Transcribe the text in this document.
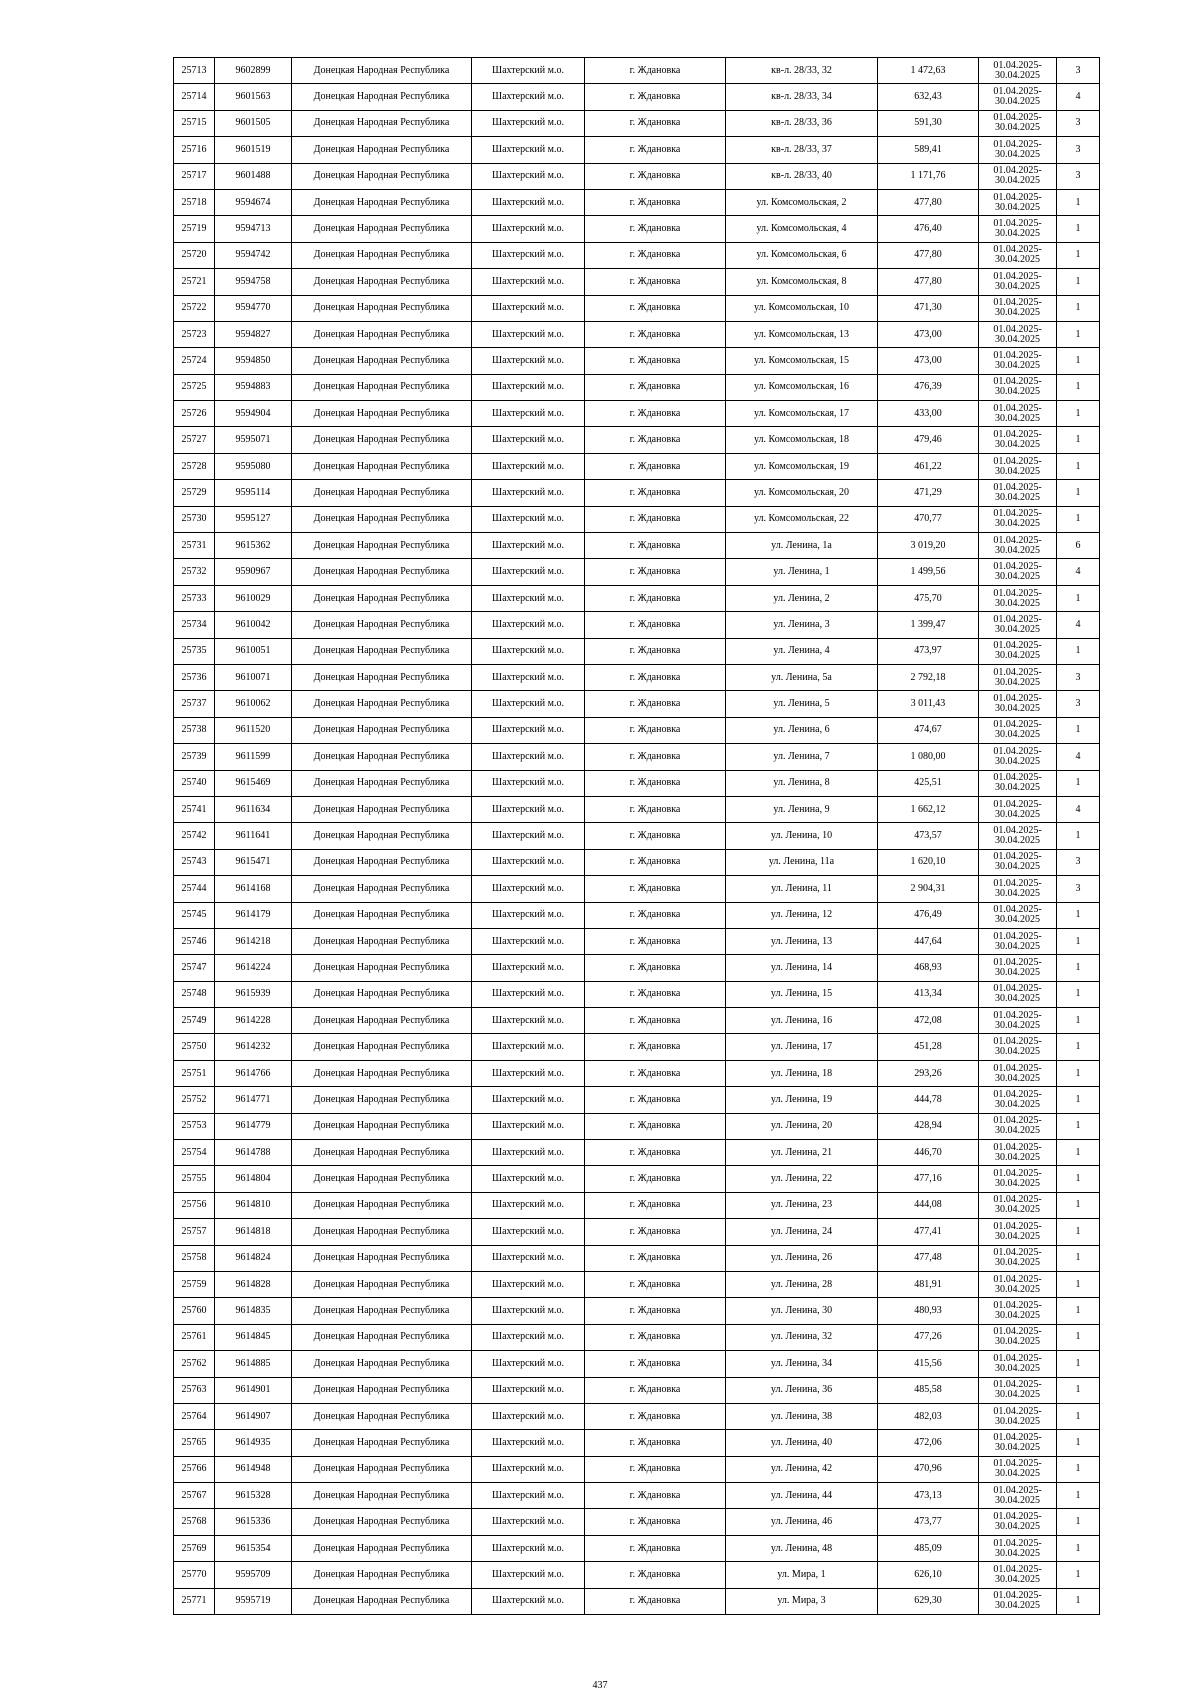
25713	9602899	Донецкая Народная Республика	Шахтерский м.о.	г. Ждановка	кв-л. 28/33, 32	1 472,63	01.04.2025-30.04.2025	3
25714	9601563	Донецкая Народная Республика	Шахтерский м.о.	г. Ждановка	кв-л. 28/33, 34	632,43	01.04.2025-30.04.2025	4
25715	9601505	Донецкая Народная Республика	Шахтерский м.о.	г. Ждановка	кв-л. 28/33, 36	591,30	01.04.2025-30.04.2025	3
25716	9601519	Донецкая Народная Республика	Шахтерский м.о.	г. Ждановка	кв-л. 28/33, 37	589,41	01.04.2025-30.04.2025	3
25717	9601488	Донецкая Народная Республика	Шахтерский м.о.	г. Ждановка	кв-л. 28/33, 40	1 171,76	01.04.2025-30.04.2025	3
25718	9594674	Донецкая Народная Республика	Шахтерский м.о.	г. Ждановка	ул. Комсомольская, 2	477,80	01.04.2025-30.04.2025	1
25719	9594713	Донецкая Народная Республика	Шахтерский м.о.	г. Ждановка	ул. Комсомольская, 4	476,40	01.04.2025-30.04.2025	1
25720	9594742	Донецкая Народная Республика	Шахтерский м.о.	г. Ждановка	ул. Комсомольская, 6	477,80	01.04.2025-30.04.2025	1
25721	9594758	Донецкая Народная Республика	Шахтерский м.о.	г. Ждановка	ул. Комсомольская, 8	477,80	01.04.2025-30.04.2025	1
25722	9594770	Донецкая Народная Республика	Шахтерский м.о.	г. Ждановка	ул. Комсомольская, 10	471,30	01.04.2025-30.04.2025	1
25723	9594827	Донецкая Народная Республика	Шахтерский м.о.	г. Ждановка	ул. Комсомольская, 13	473,00	01.04.2025-30.04.2025	1
25724	9594850	Донецкая Народная Республика	Шахтерский м.о.	г. Ждановка	ул. Комсомольская, 15	473,00	01.04.2025-30.04.2025	1
25725	9594883	Донецкая Народная Республика	Шахтерский м.о.	г. Ждановка	ул. Комсомольская, 16	476,39	01.04.2025-30.04.2025	1
25726	9594904	Донецкая Народная Республика	Шахтерский м.о.	г. Ждановка	ул. Комсомольская, 17	433,00	01.04.2025-30.04.2025	1
25727	9595071	Донецкая Народная Республика	Шахтерский м.о.	г. Ждановка	ул. Комсомольская, 18	479,46	01.04.2025-30.04.2025	1
25728	9595080	Донецкая Народная Республика	Шахтерский м.о.	г. Ждановка	ул. Комсомольская, 19	461,22	01.04.2025-30.04.2025	1
25729	9595114	Донецкая Народная Республика	Шахтерский м.о.	г. Ждановка	ул. Комсомольская, 20	471,29	01.04.2025-30.04.2025	1
25730	9595127	Донецкая Народная Республика	Шахтерский м.о.	г. Ждановка	ул. Комсомольская, 22	470,77	01.04.2025-30.04.2025	1
25731	9615362	Донецкая Народная Республика	Шахтерский м.о.	г. Ждановка	ул. Ленина, 1а	3 019,20	01.04.2025-30.04.2025	6
25732	9590967	Донецкая Народная Республика	Шахтерский м.о.	г. Ждановка	ул. Ленина, 1	1 499,56	01.04.2025-30.04.2025	4
25733	9610029	Донецкая Народная Республика	Шахтерский м.о.	г. Ждановка	ул. Ленина, 2	475,70	01.04.2025-30.04.2025	1
25734	9610042	Донецкая Народная Республика	Шахтерский м.о.	г. Ждановка	ул. Ленина, 3	1 399,47	01.04.2025-30.04.2025	4
25735	9610051	Донецкая Народная Республика	Шахтерский м.о.	г. Ждановка	ул. Ленина, 4	473,97	01.04.2025-30.04.2025	1
25736	9610071	Донецкая Народная Республика	Шахтерский м.о.	г. Ждановка	ул. Ленина, 5а	2 792,18	01.04.2025-30.04.2025	3
25737	9610062	Донецкая Народная Республика	Шахтерский м.о.	г. Ждановка	ул. Ленина, 5	3 011,43	01.04.2025-30.04.2025	3
25738	9611520	Донецкая Народная Республика	Шахтерский м.о.	г. Ждановка	ул. Ленина, 6	474,67	01.04.2025-30.04.2025	1
25739	9611599	Донецкая Народная Республика	Шахтерский м.о.	г. Ждановка	ул. Ленина, 7	1 080,00	01.04.2025-30.04.2025	4
25740	9615469	Донецкая Народная Республика	Шахтерский м.о.	г. Ждановка	ул. Ленина, 8	425,51	01.04.2025-30.04.2025	1
25741	9611634	Донецкая Народная Республика	Шахтерский м.о.	г. Ждановка	ул. Ленина, 9	1 662,12	01.04.2025-30.04.2025	4
25742	9611641	Донецкая Народная Республика	Шахтерский м.о.	г. Ждановка	ул. Ленина, 10	473,57	01.04.2025-30.04.2025	1
25743	9615471	Донецкая Народная Республика	Шахтерский м.о.	г. Ждановка	ул. Ленина, 11а	1 620,10	01.04.2025-30.04.2025	3
25744	9614168	Донецкая Народная Республика	Шахтерский м.о.	г. Ждановка	ул. Ленина, 11	2 904,31	01.04.2025-30.04.2025	3
25745	9614179	Донецкая Народная Республика	Шахтерский м.о.	г. Ждановка	ул. Ленина, 12	476,49	01.04.2025-30.04.2025	1
25746	9614218	Донецкая Народная Республика	Шахтерский м.о.	г. Ждановка	ул. Ленина, 13	447,64	01.04.2025-30.04.2025	1
25747	9614224	Донецкая Народная Республика	Шахтерский м.о.	г. Ждановка	ул. Ленина, 14	468,93	01.04.2025-30.04.2025	1
25748	9615939	Донецкая Народная Республика	Шахтерский м.о.	г. Ждановка	ул. Ленина, 15	413,34	01.04.2025-30.04.2025	1
25749	9614228	Донецкая Народная Республика	Шахтерский м.о.	г. Ждановка	ул. Ленина, 16	472,08	01.04.2025-30.04.2025	1
25750	9614232	Донецкая Народная Республика	Шахтерский м.о.	г. Ждановка	ул. Ленина, 17	451,28	01.04.2025-30.04.2025	1
25751	9614766	Донецкая Народная Республика	Шахтерский м.о.	г. Ждановка	ул. Ленина, 18	293,26	01.04.2025-30.04.2025	1
25752	9614771	Донецкая Народная Республика	Шахтерский м.о.	г. Ждановка	ул. Ленина, 19	444,78	01.04.2025-30.04.2025	1
25753	9614779	Донецкая Народная Республика	Шахтерский м.о.	г. Ждановка	ул. Ленина, 20	428,94	01.04.2025-30.04.2025	1
25754	9614788	Донецкая Народная Республика	Шахтерский м.о.	г. Ждановка	ул. Ленина, 21	446,70	01.04.2025-30.04.2025	1
25755	9614804	Донецкая Народная Республика	Шахтерский м.о.	г. Ждановка	ул. Ленина, 22	477,16	01.04.2025-30.04.2025	1
25756	9614810	Донецкая Народная Республика	Шахтерский м.о.	г. Ждановка	ул. Ленина, 23	444,08	01.04.2025-30.04.2025	1
25757	9614818	Донецкая Народная Республика	Шахтерский м.о.	г. Ждановка	ул. Ленина, 24	477,41	01.04.2025-30.04.2025	1
25758	9614824	Донецкая Народная Республика	Шахтерский м.о.	г. Ждановка	ул. Ленина, 26	477,48	01.04.2025-30.04.2025	1
25759	9614828	Донецкая Народная Республика	Шахтерский м.о.	г. Ждановка	ул. Ленина, 28	481,91	01.04.2025-30.04.2025	1
25760	9614835	Донецкая Народная Республика	Шахтерский м.о.	г. Ждановка	ул. Ленина, 30	480,93	01.04.2025-30.04.2025	1
25761	9614845	Донецкая Народная Республика	Шахтерский м.о.	г. Ждановка	ул. Ленина, 32	477,26	01.04.2025-30.04.2025	1
25762	9614885	Донецкая Народная Республика	Шахтерский м.о.	г. Ждановка	ул. Ленина, 34	415,56	01.04.2025-30.04.2025	1
25763	9614901	Донецкая Народная Республика	Шахтерский м.о.	г. Ждановка	ул. Ленина, 36	485,58	01.04.2025-30.04.2025	1
25764	9614907	Донецкая Народная Республика	Шахтерский м.о.	г. Ждановка	ул. Ленина, 38	482,03	01.04.2025-30.04.2025	1
25765	9614935	Донецкая Народная Республика	Шахтерский м.о.	г. Ждановка	ул. Ленина, 40	472,06	01.04.2025-30.04.2025	1
25766	9614948	Донецкая Народная Республика	Шахтерский м.о.	г. Ждановка	ул. Ленина, 42	470,96	01.04.2025-30.04.2025	1
25767	9615328	Донецкая Народная Республика	Шахтерский м.о.	г. Ждановка	ул. Ленина, 44	473,13	01.04.2025-30.04.2025	1
25768	9615336	Донецкая Народная Республика	Шахтерский м.о.	г. Ждановка	ул. Ленина, 46	473,77	01.04.2025-30.04.2025	1
25769	9615354	Донецкая Народная Республика	Шахтерский м.о.	г. Ждановка	ул. Ленина, 48	485,09	01.04.2025-30.04.2025	1
25770	9595709	Донецкая Народная Республика	Шахтерский м.о.	г. Ждановка	ул. Мира, 1	626,10	01.04.2025-30.04.2025	1
25771	9595719	Донецкая Народная Республика	Шахтерский м.о.	г. Ждановка	ул. Мира, 3	629,30	01.04.2025-30.04.2025	1
437
